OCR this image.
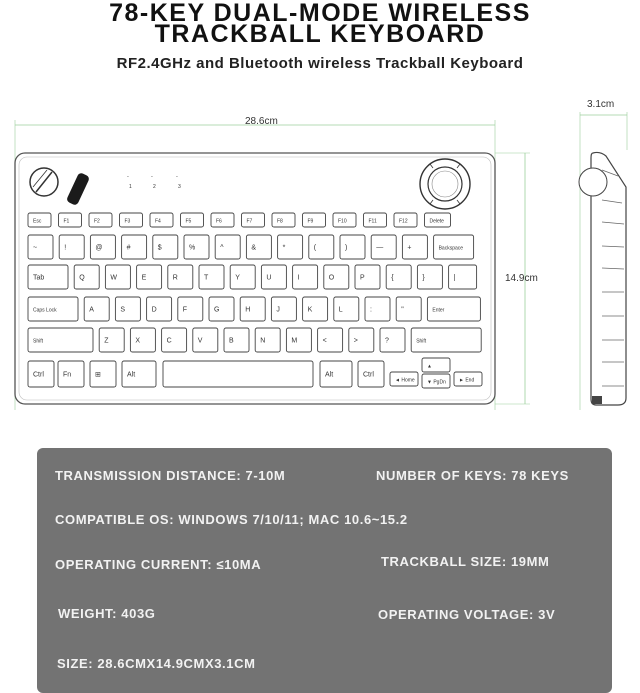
78-KEY DUAL-MODE WIRELESS
TRACKBALL KEYBOARD
RF2.4GHz and Bluetooth wireless Trackball Keyboard
ᵕ	ᵕ	ᵕ
1	2	3
Esc	F1	F2	F3	F4	F5	F6	F7	F8	F9	F10	F11	F12	Delete
~	!	@	#	$	%	^	&	*	(	)	—	+	Backspace
Tab	Q	W	E	R	T	Y	U	I	O	P	{	}	|
Caps Lock	A	S	D	F	G	H	J	K	L	:	"	Enter
Shift	Z	X	C	V	B	N	M	<	>	?	Shift
Ctrl	Fn	⊞	Alt	Alt	Ctrl
◄ Home
▲
► End
▼ PgDn
28.6cm
14.9cm
3.1cm
TRANSMISSION DISTANCE: 7-10M	NUMBER OF KEYS: 78 KEYS
COMPATIBLE OS: WINDOWS 7/10/11; MAC 10.6~15.2
OPERATING CURRENT: ≤10MA	TRACKBALL SIZE: 19MM
WEIGHT: 403G	OPERATING VOLTAGE: 3V
SIZE: 28.6CMX14.9CMX3.1CM
